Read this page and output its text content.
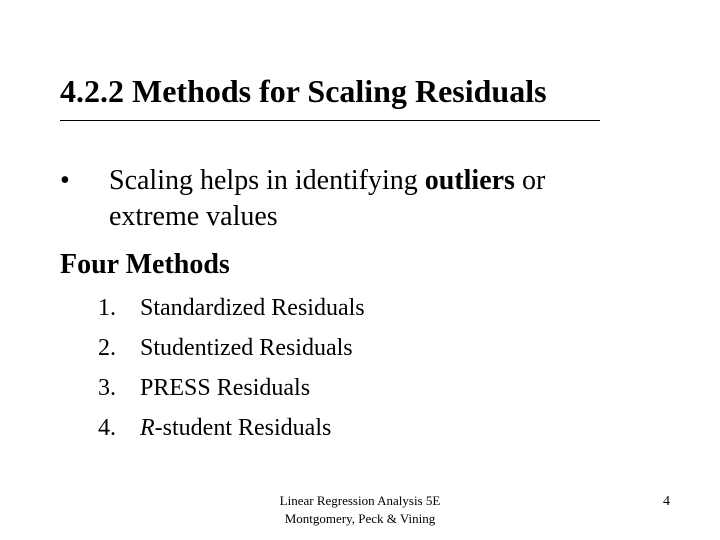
4.2.2 Methods for Scaling Residuals
• Scaling helps in identifying outliers or extreme values
Four Methods
1. Standardized Residuals
2. Studentized Residuals
3. PRESS Residuals
4. R-student Residuals
Linear Regression Analysis 5E
Montgomery, Peck & Vining
4
